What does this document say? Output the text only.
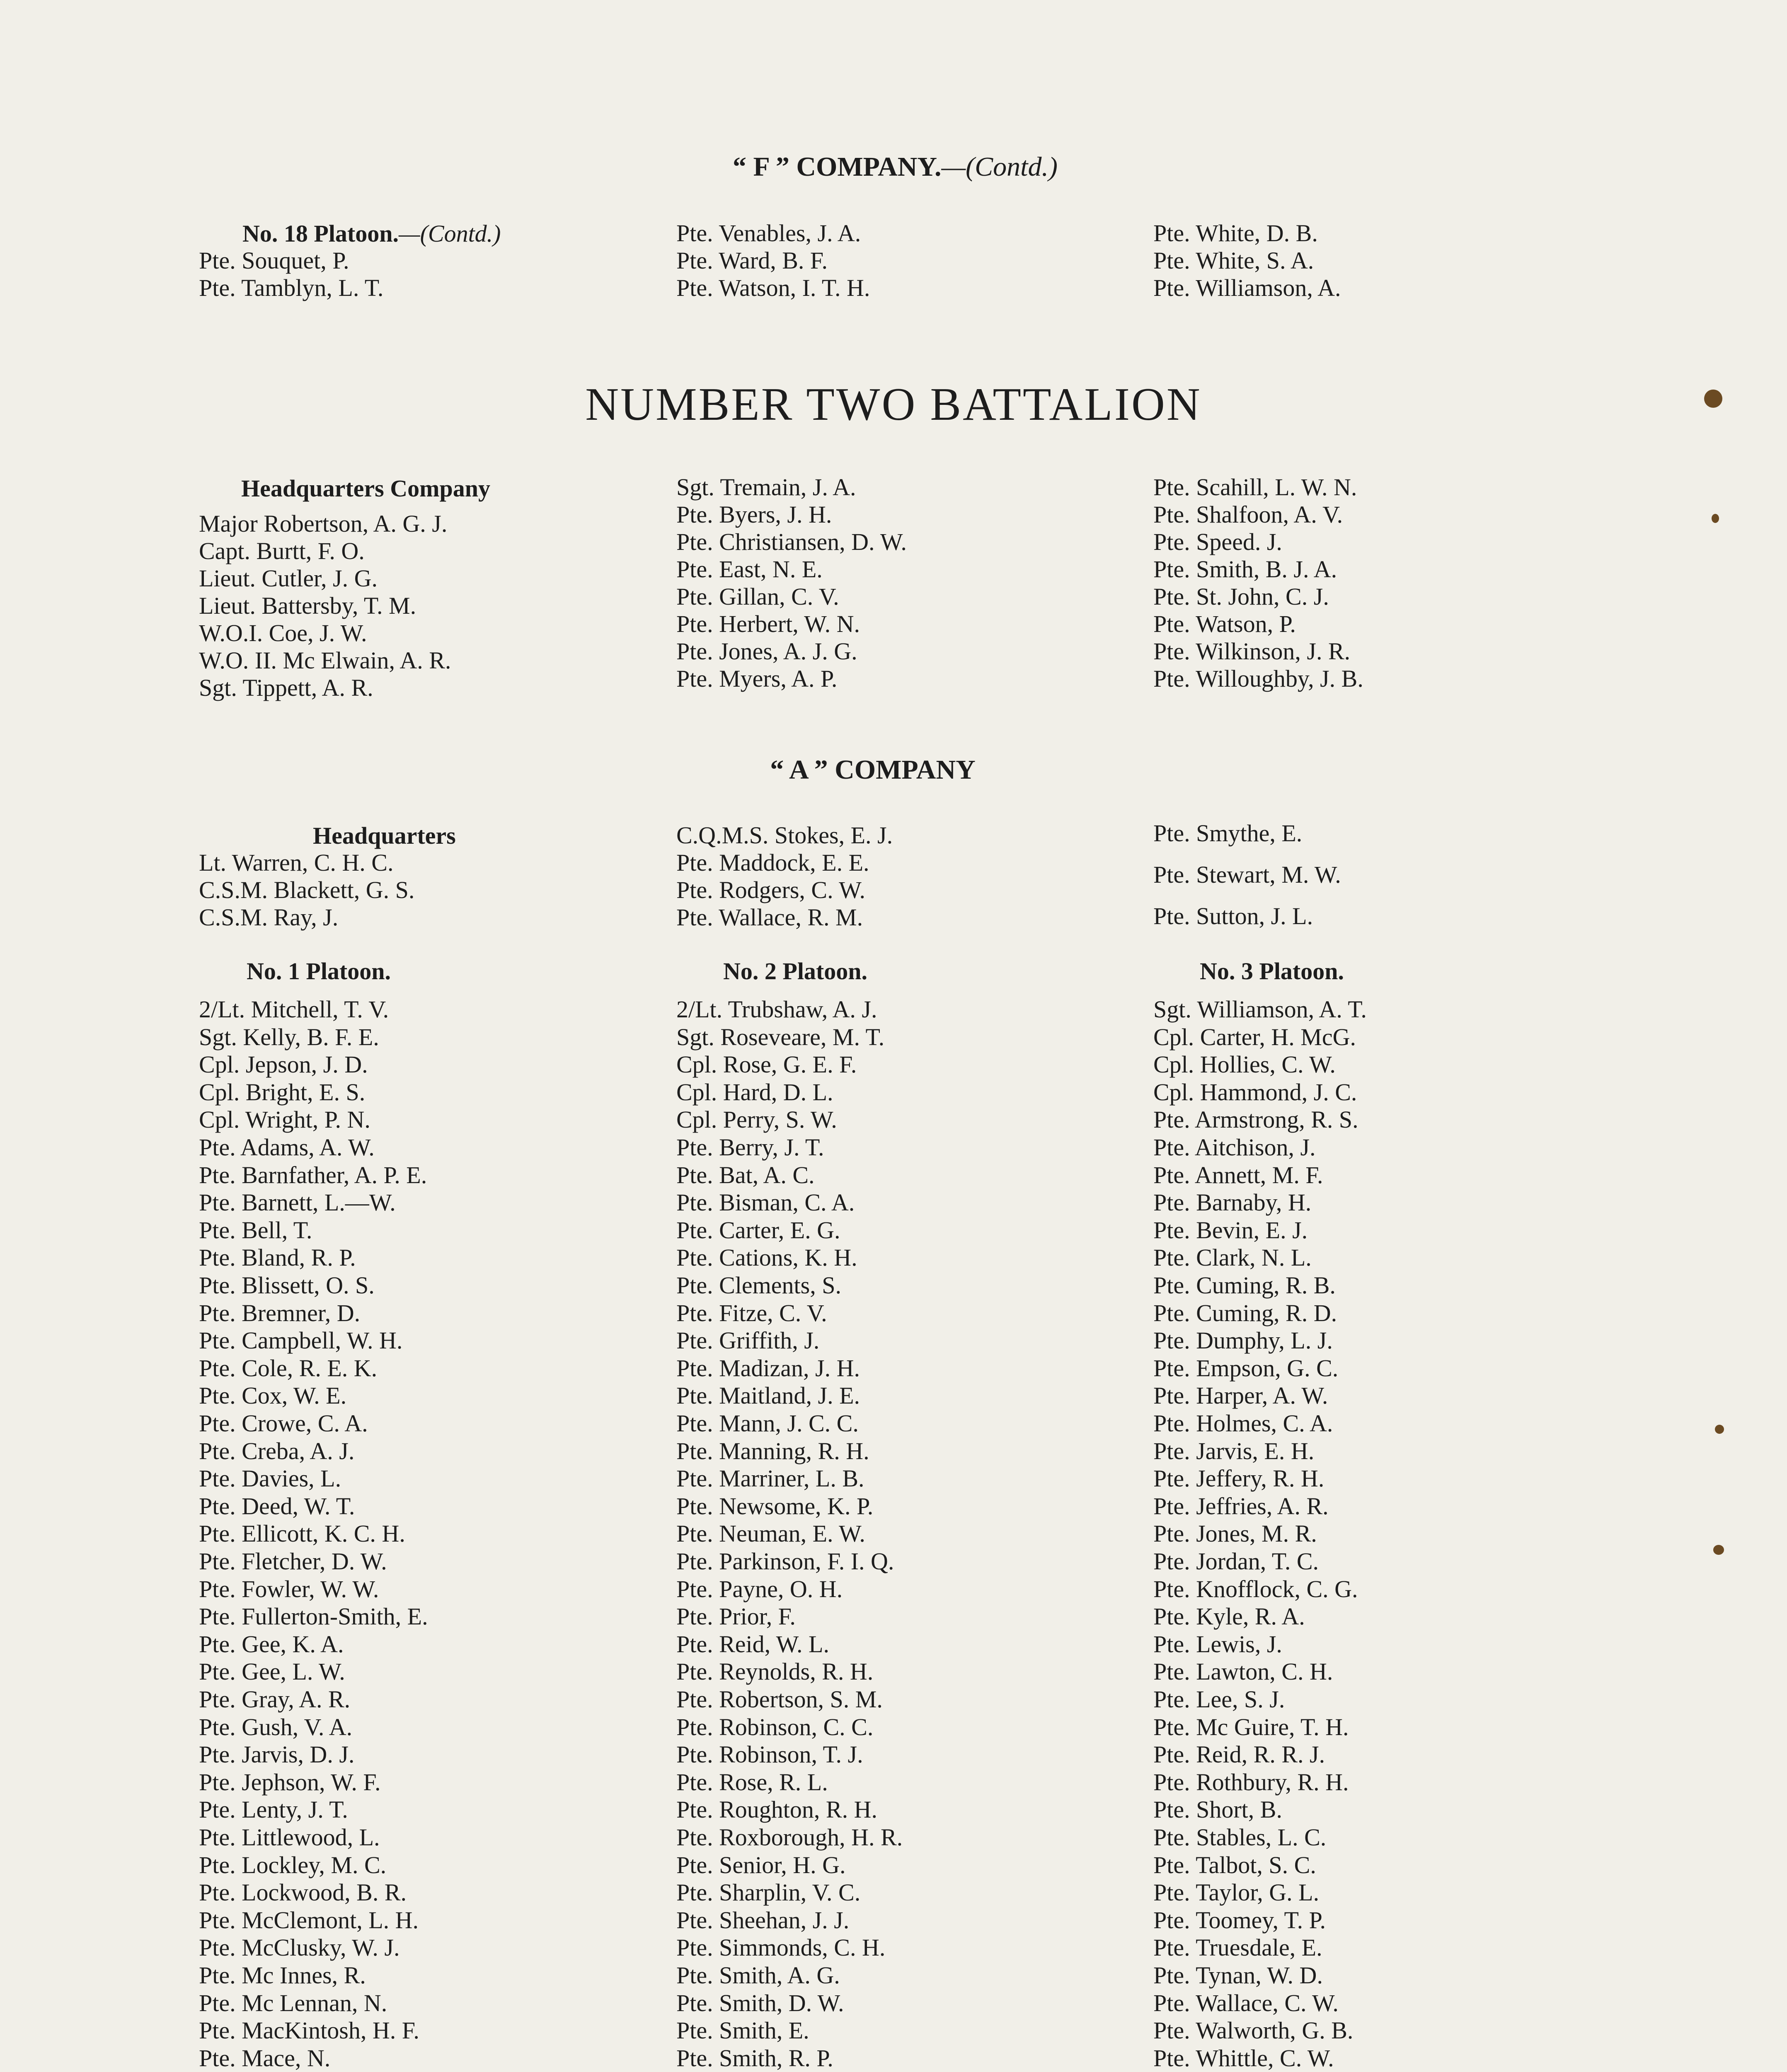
“ F ” COMPANY.—(Contd.)
No. 18 Platoon.—(Contd.)
Pte. Souquet, P.
Pte. Tamblyn, L. T.
Pte. Venables, J. A.
Pte. Ward, B. F.
Pte. Watson, I. T. H.
Pte. White, D. B.
Pte. White, S. A.
Pte. Williamson, A.
NUMBER TWO BATTALION
Headquarters Company
Major Robertson, A. G. J.
Capt. Burtt, F. O.
Lieut. Cutler, J. G.
Lieut. Battersby, T. M.
W.O.I. Coe, J. W.
W.O. II. Mc Elwain, A. R.
Sgt. Tippett, A. R.
Sgt. Tremain, J. A.
Pte. Byers, J. H.
Pte. Christiansen, D. W.
Pte. East, N. E.
Pte. Gillan, C. V.
Pte. Herbert, W. N.
Pte. Jones, A. J. G.
Pte. Myers, A. P.
Pte. Scahill, L. W. N.
Pte. Shalfoon, A. V.
Pte. Speed. J.
Pte. Smith, B. J. A.
Pte. St. John, C. J.
Pte. Watson, P.
Pte. Wilkinson, J. R.
Pte. Willoughby, J. B.
“ A ” COMPANY
Headquarters
Lt. Warren, C. H. C.
C.S.M. Blackett, G. S.
C.S.M. Ray, J.
C.Q.M.S. Stokes, E. J.
Pte. Maddock, E. E.
Pte. Rodgers, C. W.
Pte. Wallace, R. M.
Pte. Smythe, E.
Pte. Stewart, M. W.
Pte. Sutton, J. L.
No. 1 Platoon.	No. 2 Platoon.	No. 3 Platoon.
2/Lt. Mitchell, T. V.
Sgt. Kelly, B. F. E.
Cpl. Jepson, J. D.
Cpl. Bright, E. S.
Cpl. Wright, P. N.
Pte. Adams, A. W.
Pte. Barnfather, A. P. E.
Pte. Barnett, L.—W.
Pte. Bell, T.
Pte. Bland, R. P.
Pte. Blissett, O. S.
Pte. Bremner, D.
Pte. Campbell, W. H.
Pte. Cole, R. E. K.
Pte. Cox, W. E.
Pte. Crowe, C. A.
Pte. Creba, A. J.
Pte. Davies, L.
Pte. Deed, W. T.
Pte. Ellicott, K. C. H.
Pte. Fletcher, D. W.
Pte. Fowler, W. W.
Pte. Fullerton-Smith, E.
Pte. Gee, K. A.
Pte. Gee, L. W.
Pte. Gray, A. R.
Pte. Gush, V. A.
Pte. Jarvis, D. J.
Pte. Jephson, W. F.
Pte. Lenty, J. T.
Pte. Littlewood, L.
Pte. Lockley, M. C.
Pte. Lockwood, B. R.
Pte. McClemont, L. H.
Pte. McClusky, W. J.
Pte. Mc Innes, R.
Pte. Mc Lennan, N.
Pte. MacKintosh, H. F.
Pte. Mace, N.
2/Lt. Trubshaw, A. J.
Sgt. Roseveare, M. T.
Cpl. Rose, G. E. F.
Cpl. Hard, D. L.
Cpl. Perry, S. W.
Pte. Berry, J. T.
Pte. Bat, A. C.
Pte. Bisman, C. A.
Pte. Carter, E. G.
Pte. Cations, K. H.
Pte. Clements, S.
Pte. Fitze, C. V.
Pte. Griffith, J.
Pte. Madizan, J. H.
Pte. Maitland, J. E.
Pte. Mann, J. C. C.
Pte. Manning, R. H.
Pte. Marriner, L. B.
Pte. Newsome, K. P.
Pte. Neuman, E. W.
Pte. Parkinson, F. I. Q.
Pte. Payne, O. H.
Pte. Prior, F.
Pte. Reid, W. L.
Pte. Reynolds, R. H.
Pte. Robertson, S. M.
Pte. Robinson, C. C.
Pte. Robinson, T. J.
Pte. Rose, R. L.
Pte. Roughton, R. H.
Pte. Roxborough, H. R.
Pte. Senior, H. G.
Pte. Sharplin, V. C.
Pte. Sheehan, J. J.
Pte. Simmonds, C. H.
Pte. Smith, A. G.
Pte. Smith, D. W.
Pte. Smith, E.
Pte. Smith, R. P.
Sgt. Williamson, A. T.
Cpl. Carter, H. McG.
Cpl. Hollies, C. W.
Cpl. Hammond, J. C.
Pte. Armstrong, R. S.
Pte. Aitchison, J.
Pte. Annett, M. F.
Pte. Barnaby, H.
Pte. Bevin, E. J.
Pte. Clark, N. L.
Pte. Cuming, R. B.
Pte. Cuming, R. D.
Pte. Dumphy, L. J.
Pte. Empson, G. C.
Pte. Harper, A. W.
Pte. Holmes, C. A.
Pte. Jarvis, E. H.
Pte. Jeffery, R. H.
Pte. Jeffries, A. R.
Pte. Jones, M. R.
Pte. Jordan, T. C.
Pte. Knofflock, C. G.
Pte. Kyle, R. A.
Pte. Lewis, J.
Pte. Lawton, C. H.
Pte. Lee, S. J.
Pte. Mc Guire, T. H.
Pte. Reid, R. R. J.
Pte. Rothbury, R. H.
Pte. Short, B.
Pte. Stables, L. C.
Pte. Talbot, S. C.
Pte. Taylor, G. L.
Pte. Toomey, T. P.
Pte. Truesdale, E.
Pte. Tynan, W. D.
Pte. Wallace, C. W.
Pte. Walworth, G. B.
Pte. Whittle, C. W.
